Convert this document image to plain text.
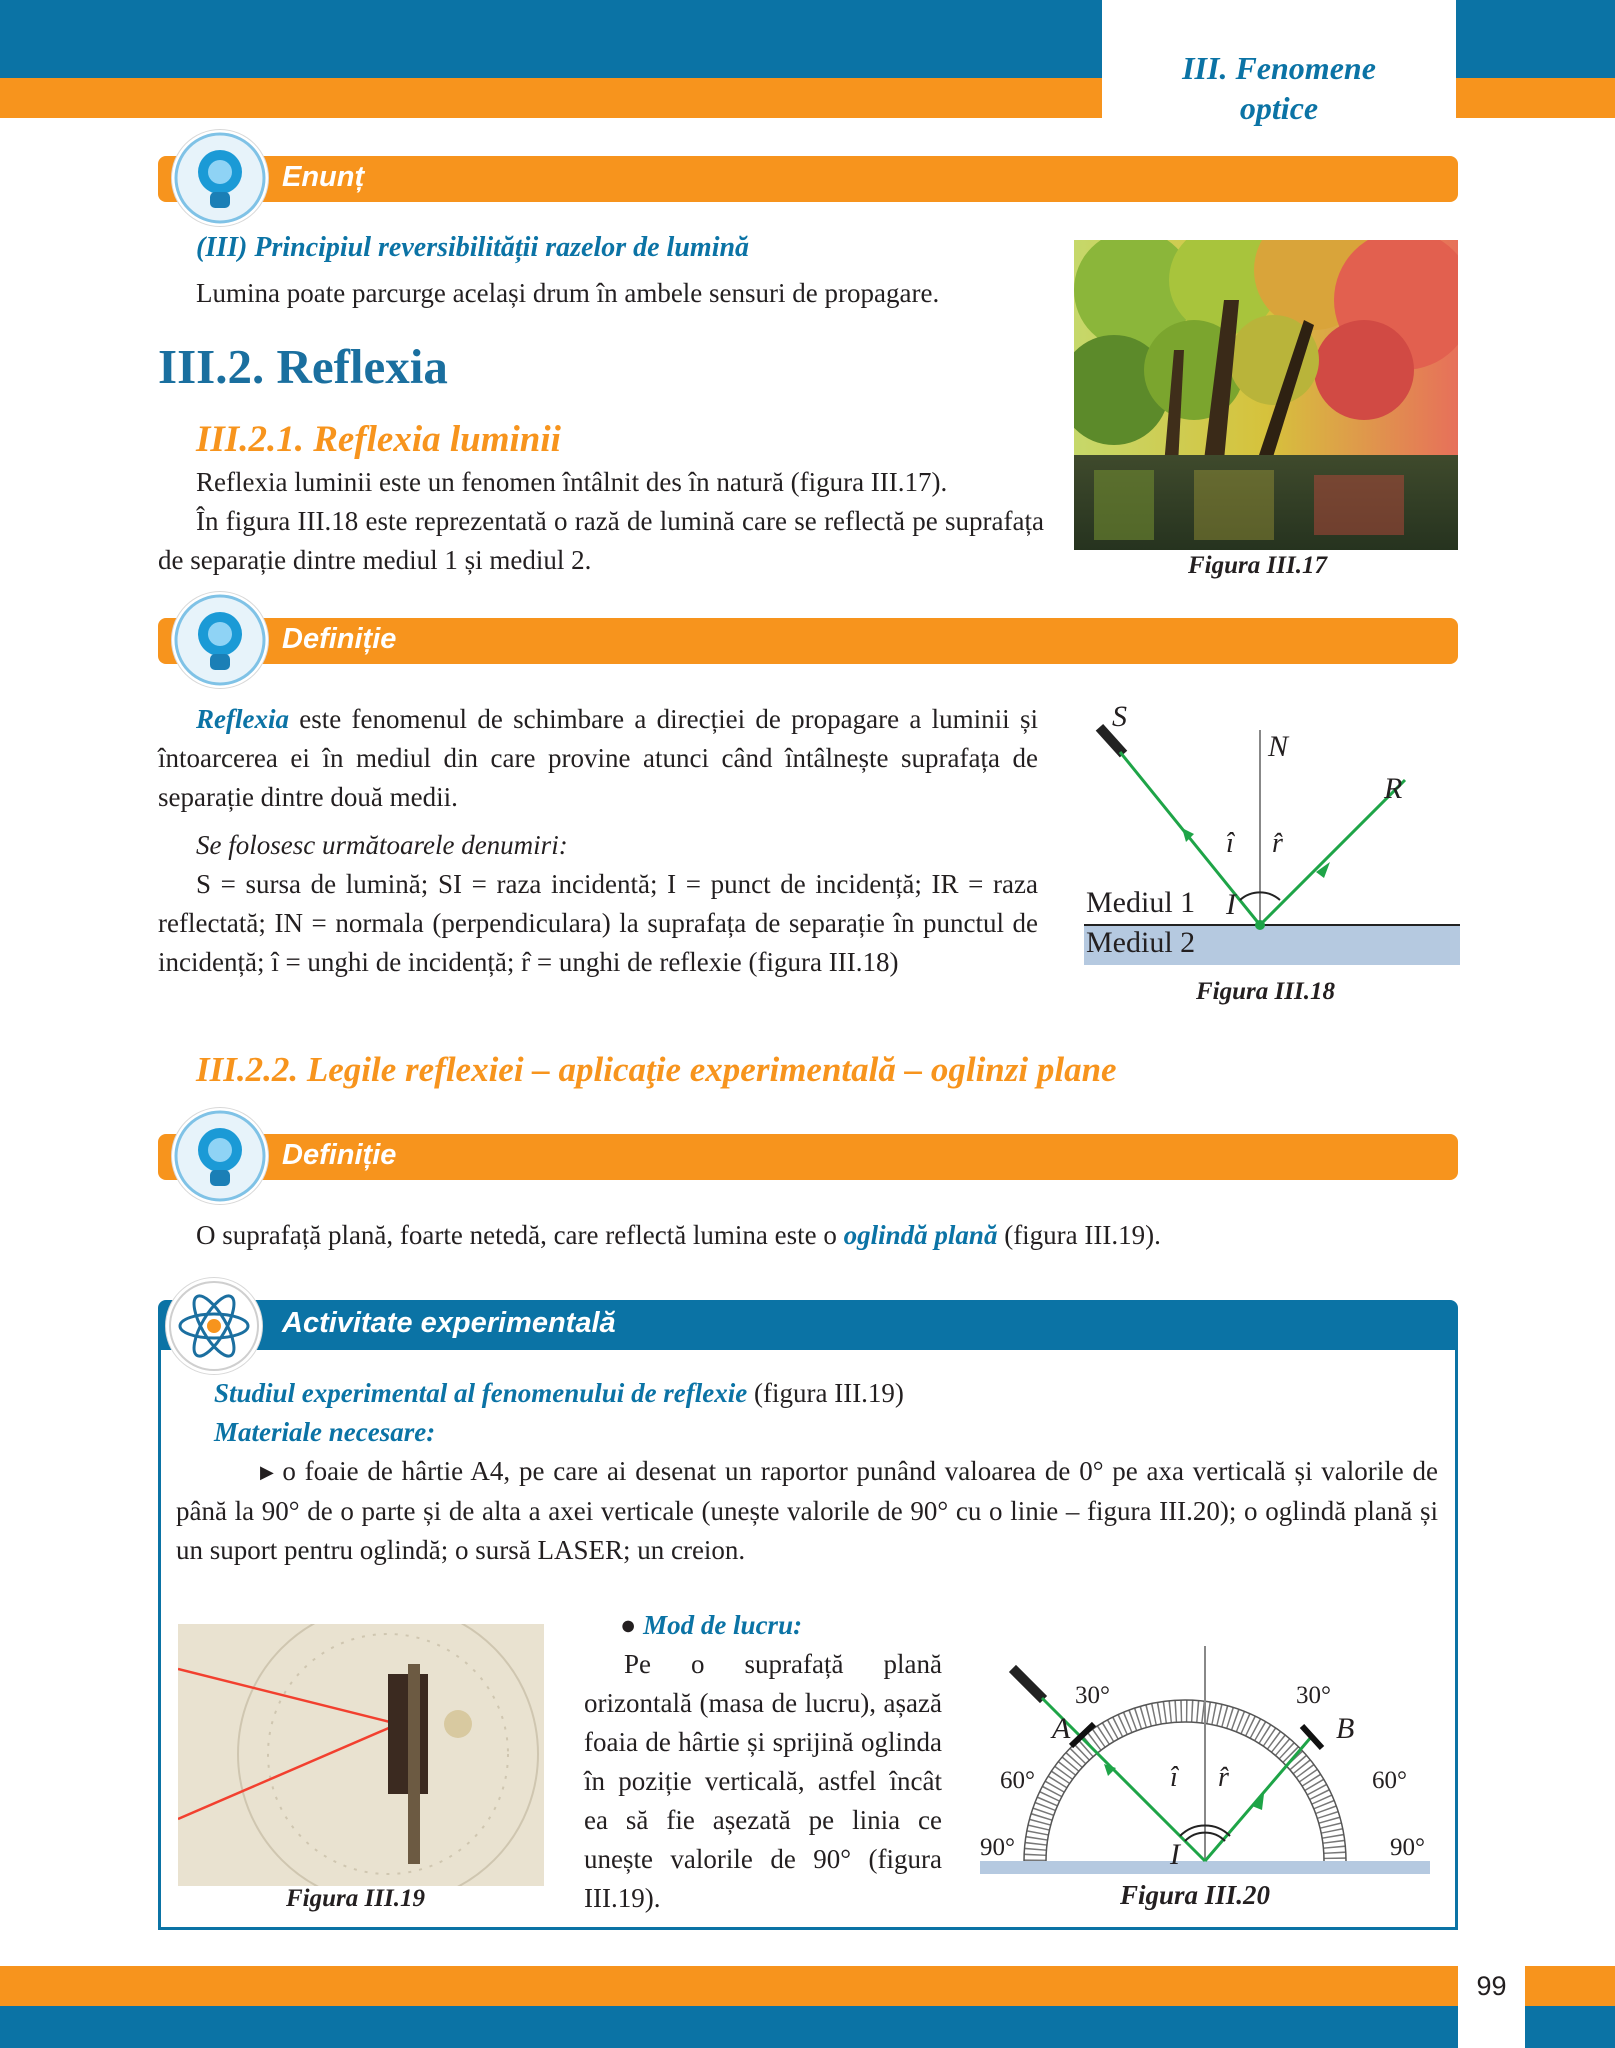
III. Fenomene
optice
Enunț
(III) Principiul reversibilității razelor de lumină
Lumina poate parcurge același drum în ambele sensuri de propagare.
III.2. Reflexia
III.2.1. Reflexia luminii
Reflexia luminii este un fenomen întâlnit des în natură (figura III.17).
În figura III.18 este reprezentată o rază de lumină care se reflectă pe suprafața de separație dintre mediul 1 și mediul 2.	Figura III.17
Definiție
Reflexia este fenomenul de schimbare a direcției de propagare a luminii și întoarcerea ei în mediul din care provine atunci când întâlnește suprafața de separație dintre două medii.
Se folosesc următoarele denumiri:
S = sursa de lumină; SI = raza incidentă; I = punct de incidență; IR = raza reflectată; IN = normala (perpendiculara) la suprafața de separație în punctul de incidență; î = unghi de incidență; r̂ = unghi de reflexie (figura III.18)
S
N
R
î r̂
I
Mediul 1
Mediul 2
Figura III.18
III.2.2. Legile reflexiei – aplicaţie experimentală – oglinzi plane
Definiție
O suprafață plană, foarte netedă, care reflectă lumina este o oglindă plană (figura III.19).
Activitate experimentală
Studiul experimental al fenomenului de reflexie (figura III.19)
Materiale necesare:
▶ o foaie de hârtie A4, pe care ai desenat un raportor punând valoarea de 0° pe axa verticală și valorile de până la 90° de o parte și de alta a axei verticale (unește valorile de 90° cu o linie – figura III.20); o oglindă plană și un suport pentru oglindă; o sursă LASER; un creion.
Figura III.19
● Mod de lucru:
Pe o suprafață plană orizontală (masa de lucru), așază foaia de hârtie și sprijină oglinda în poziție verticală, astfel încât ea să fie așezată pe linia ce unește valorile de 90° (figura III.19).
30°	30°
A	B
60°	60°
î r̂
90°	90°
I
Figura III.20
99
